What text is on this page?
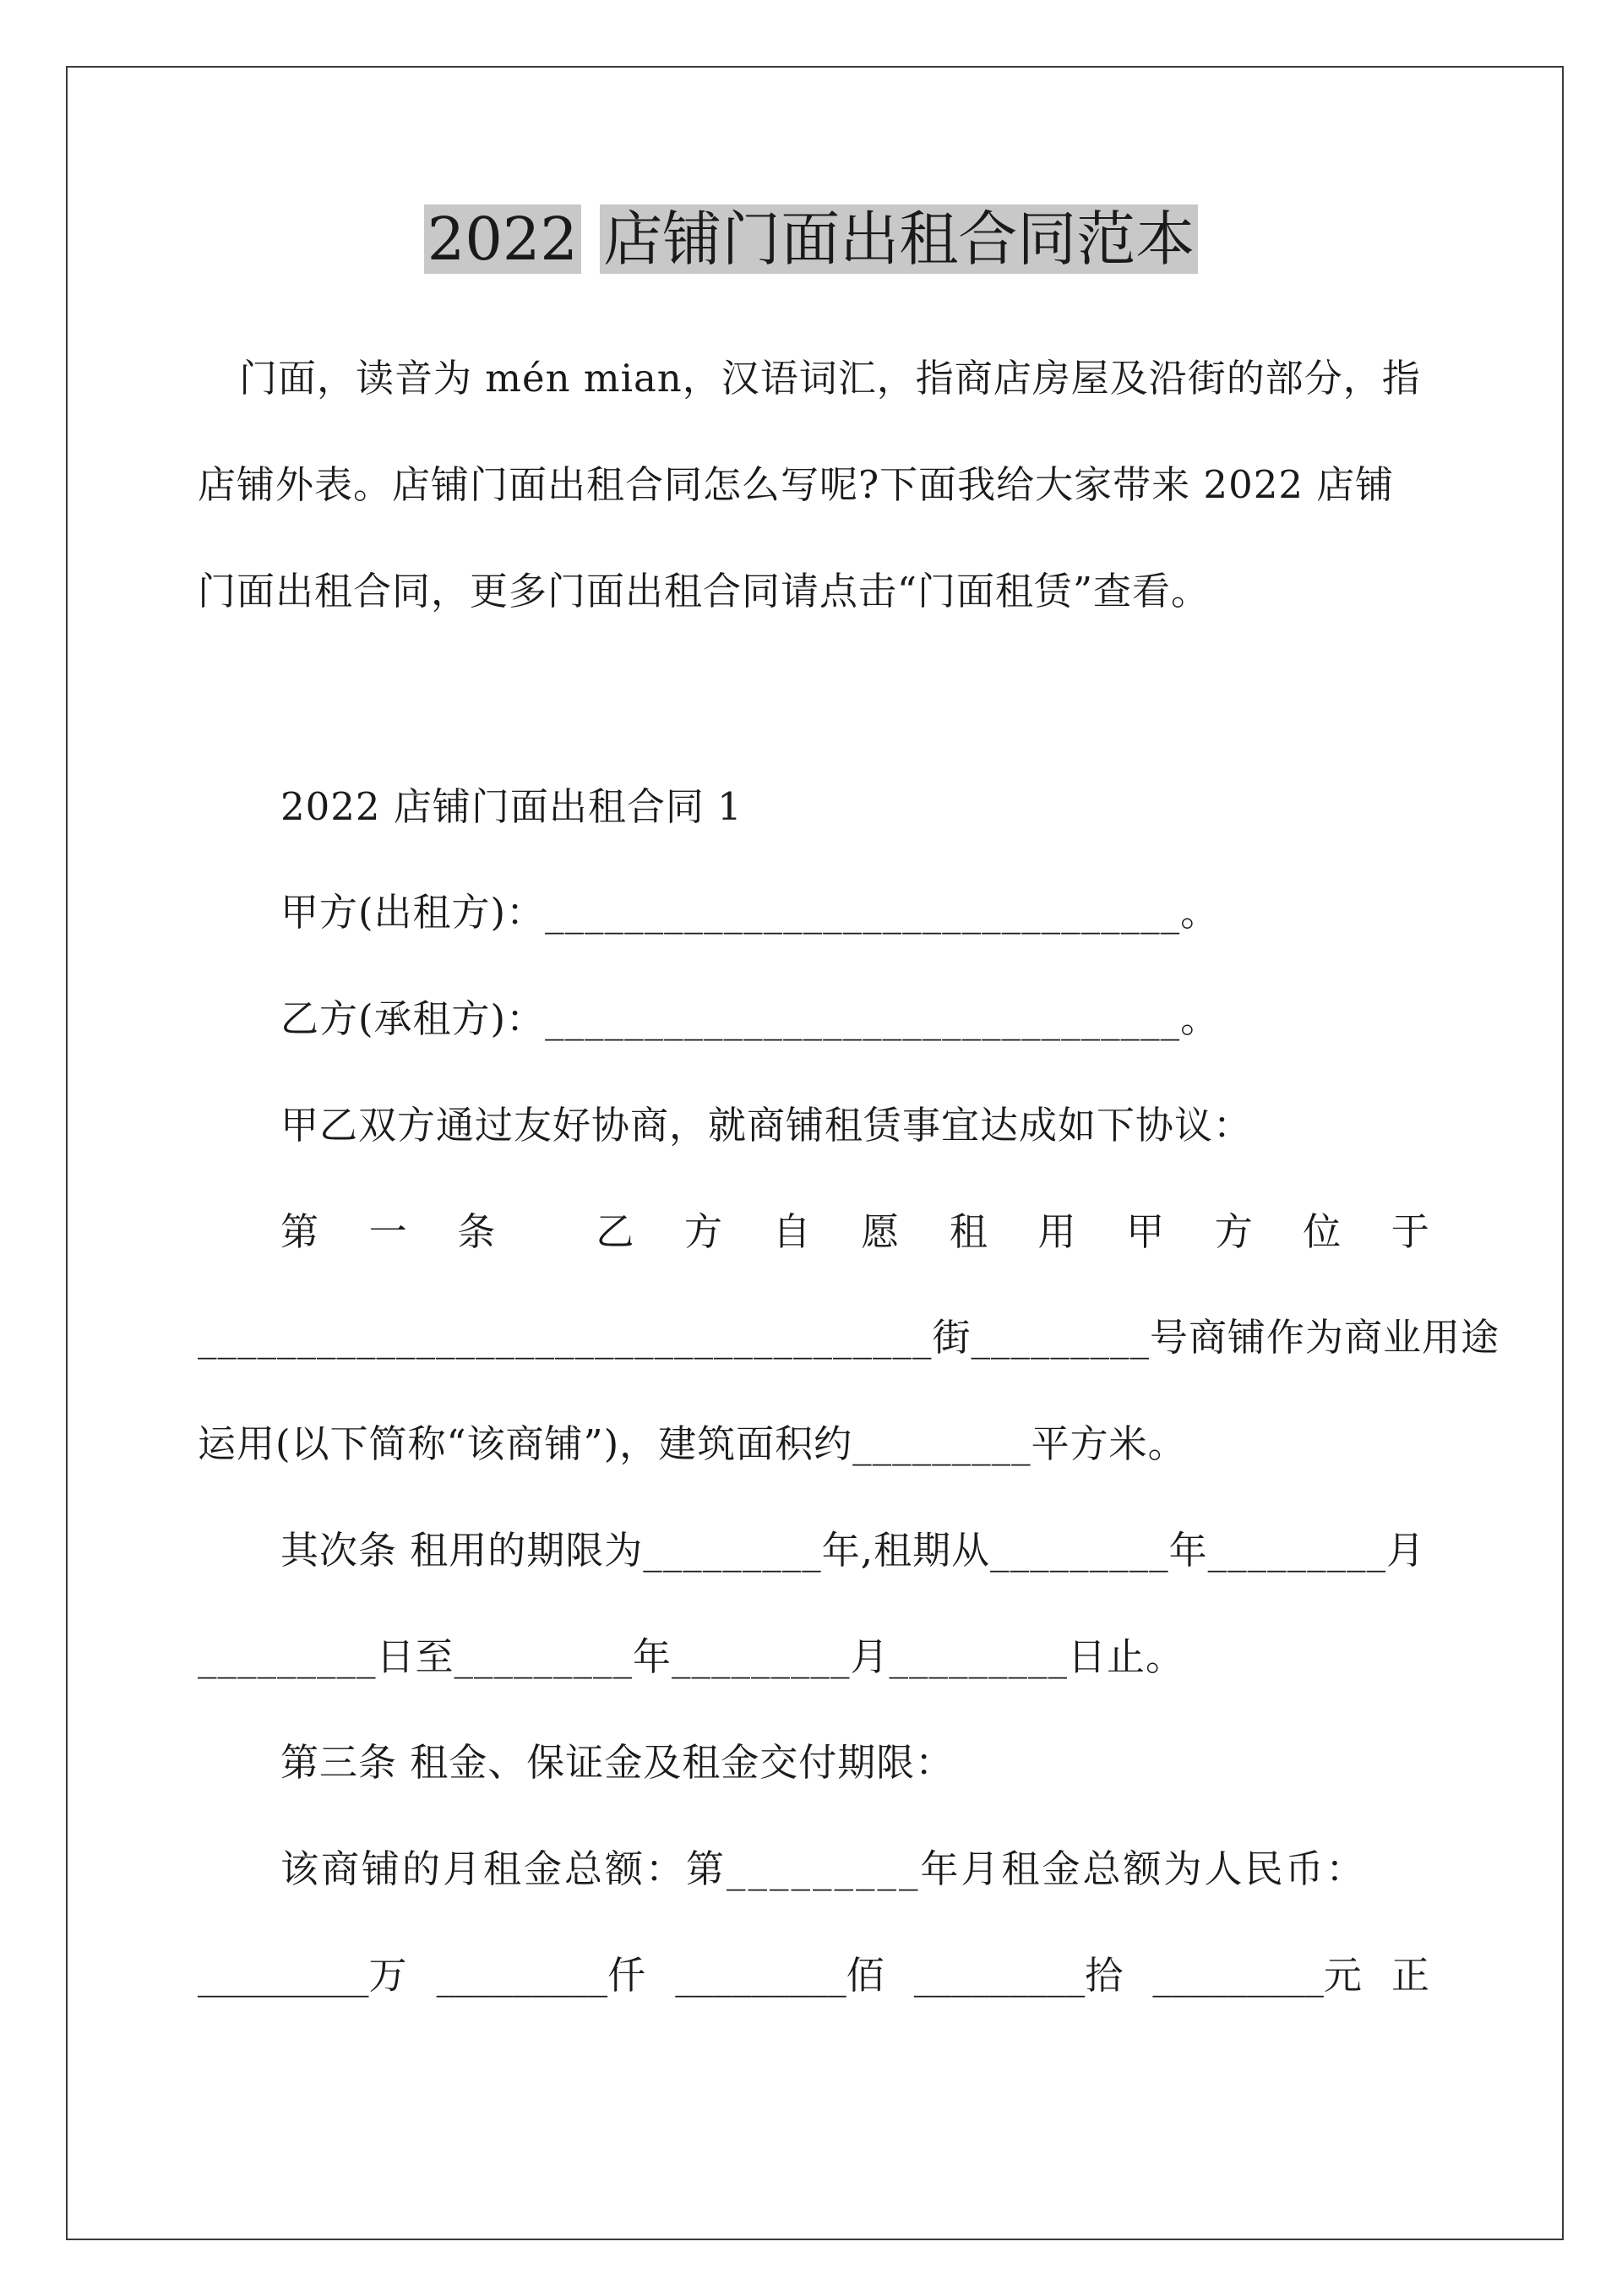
2022 店铺门面出租合同范本
门面，读音为 mén mian，汉语词汇，指商店房屋及沿街的部分，指
店铺外表。店铺门面出租合同怎么写呢?下面我给大家带来 2022 店铺
门面出租合同，更多门面出租合同请点击“门面租赁”查看。
2022 店铺门面出租合同 1
甲方(出租方)：________________________________。
乙方(承租方)：________________________________。
甲乙双方通过友好协商，就商铺租赁事宜达成如下协议：
第 一 条	乙 方 自 愿 租 用 甲 方 位 于
_____________________________________街_________号商铺作为商业用途
运用(以下简称“该商铺”)，建筑面积约_________平方米。
其次条 租用的期限为_________年,租期从_________年_________月
_________日至_________年_________月_________日止。
第三条 租金、保证金及租金交付期限：
该商铺的月租金总额：第_________年月租金总额为人民币：
_________万 _________仟 _________佰 _________拾 _________元 正
